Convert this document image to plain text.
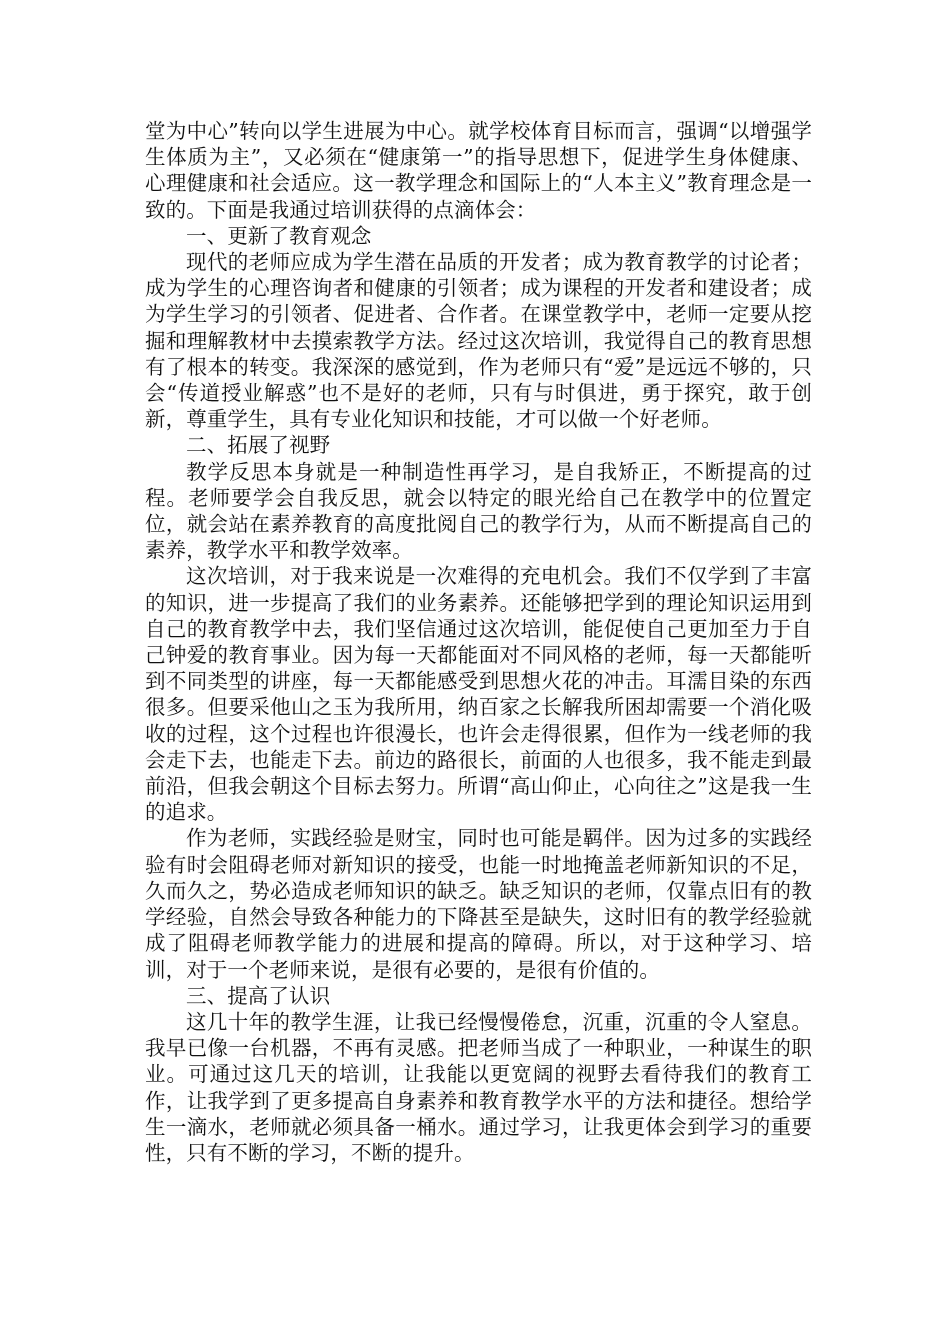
堂为中心”转向以学生进展为中心。就学校体育目标而言，强调“以增强学生体质为主”，又必须在“健康第一”的指导思想下，促进学生身体健康、心理健康和社会适应。这一教学理念和国际上的“人本主义”教育理念是一致的。下面是我通过培训获得的点滴体会：

一、更新了教育观念

现代的老师应成为学生潜在品质的开发者；成为教育教学的讨论者；成为学生的心理咨询者和健康的引领者；成为课程的开发者和建设者；成为学生学习的引领者、促进者、合作者。在课堂教学中，老师一定要从挖掘和理解教材中去摸索教学方法。经过这次培训，我觉得自己的教育思想有了根本的转变。我深深的感觉到，作为老师只有“爱”是远远不够的，只会“传道授业解惑”也不是好的老师，只有与时俱进，勇于探究，敢于创新，尊重学生，具有专业化知识和技能，才可以做一个好老师。

二、拓展了视野

教学反思本身就是一种制造性再学习，是自我矫正，不断提高的过程。老师要学会自我反思，就会以特定的眼光给自己在教学中的位置定位，就会站在素养教育的高度批阅自己的教学行为，从而不断提高自己的素养，教学水平和教学效率。

这次培训，对于我来说是一次难得的充电机会。我们不仅学到了丰富的知识，进一步提高了我们的业务素养。还能够把学到的理论知识运用到自己的教育教学中去，我们坚信通过这次培训，能促使自己更加至力于自己钟爱的教育事业。因为每一天都能面对不同风格的老师，每一天都能听到不同类型的讲座，每一天都能感受到思想火花的冲击。耳濡目染的东西很多。但要采他山之玉为我所用，纳百家之长解我所困却需要一个消化吸收的过程，这个过程也许很漫长，也许会走得很累，但作为一线老师的我会走下去，也能走下去。前边的路很长，前面的人也很多，我不能走到最前沿，但我会朝这个目标去努力。所谓“高山仰止，心向往之”这是我一生的追求。

作为老师，实践经验是财宝，同时也可能是羁伴。因为过多的实践经验有时会阻碍老师对新知识的接受，也能一时地掩盖老师新知识的不足，久而久之，势必造成老师知识的缺乏。缺乏知识的老师，仅靠点旧有的教学经验，自然会导致各种能力的下降甚至是缺失，这时旧有的教学经验就成了阻碍老师教学能力的进展和提高的障碍。所以，对于这种学习、培训，对于一个老师来说，是很有必要的，是很有价值的。

三、提高了认识

这几十年的教学生涯，让我已经慢慢倦怠，沉重，沉重的令人窒息。我早已像一台机器，不再有灵感。把老师当成了一种职业，一种谋生的职业。可通过这几天的培训，让我能以更宽阔的视野去看待我们的教育工作，让我学到了更多提高自身素养和教育教学水平的方法和捷径。想给学生一滴水，老师就必须具备一桶水。通过学习，让我更体会到学习的重要性，只有不断的学习，不断的提升。
